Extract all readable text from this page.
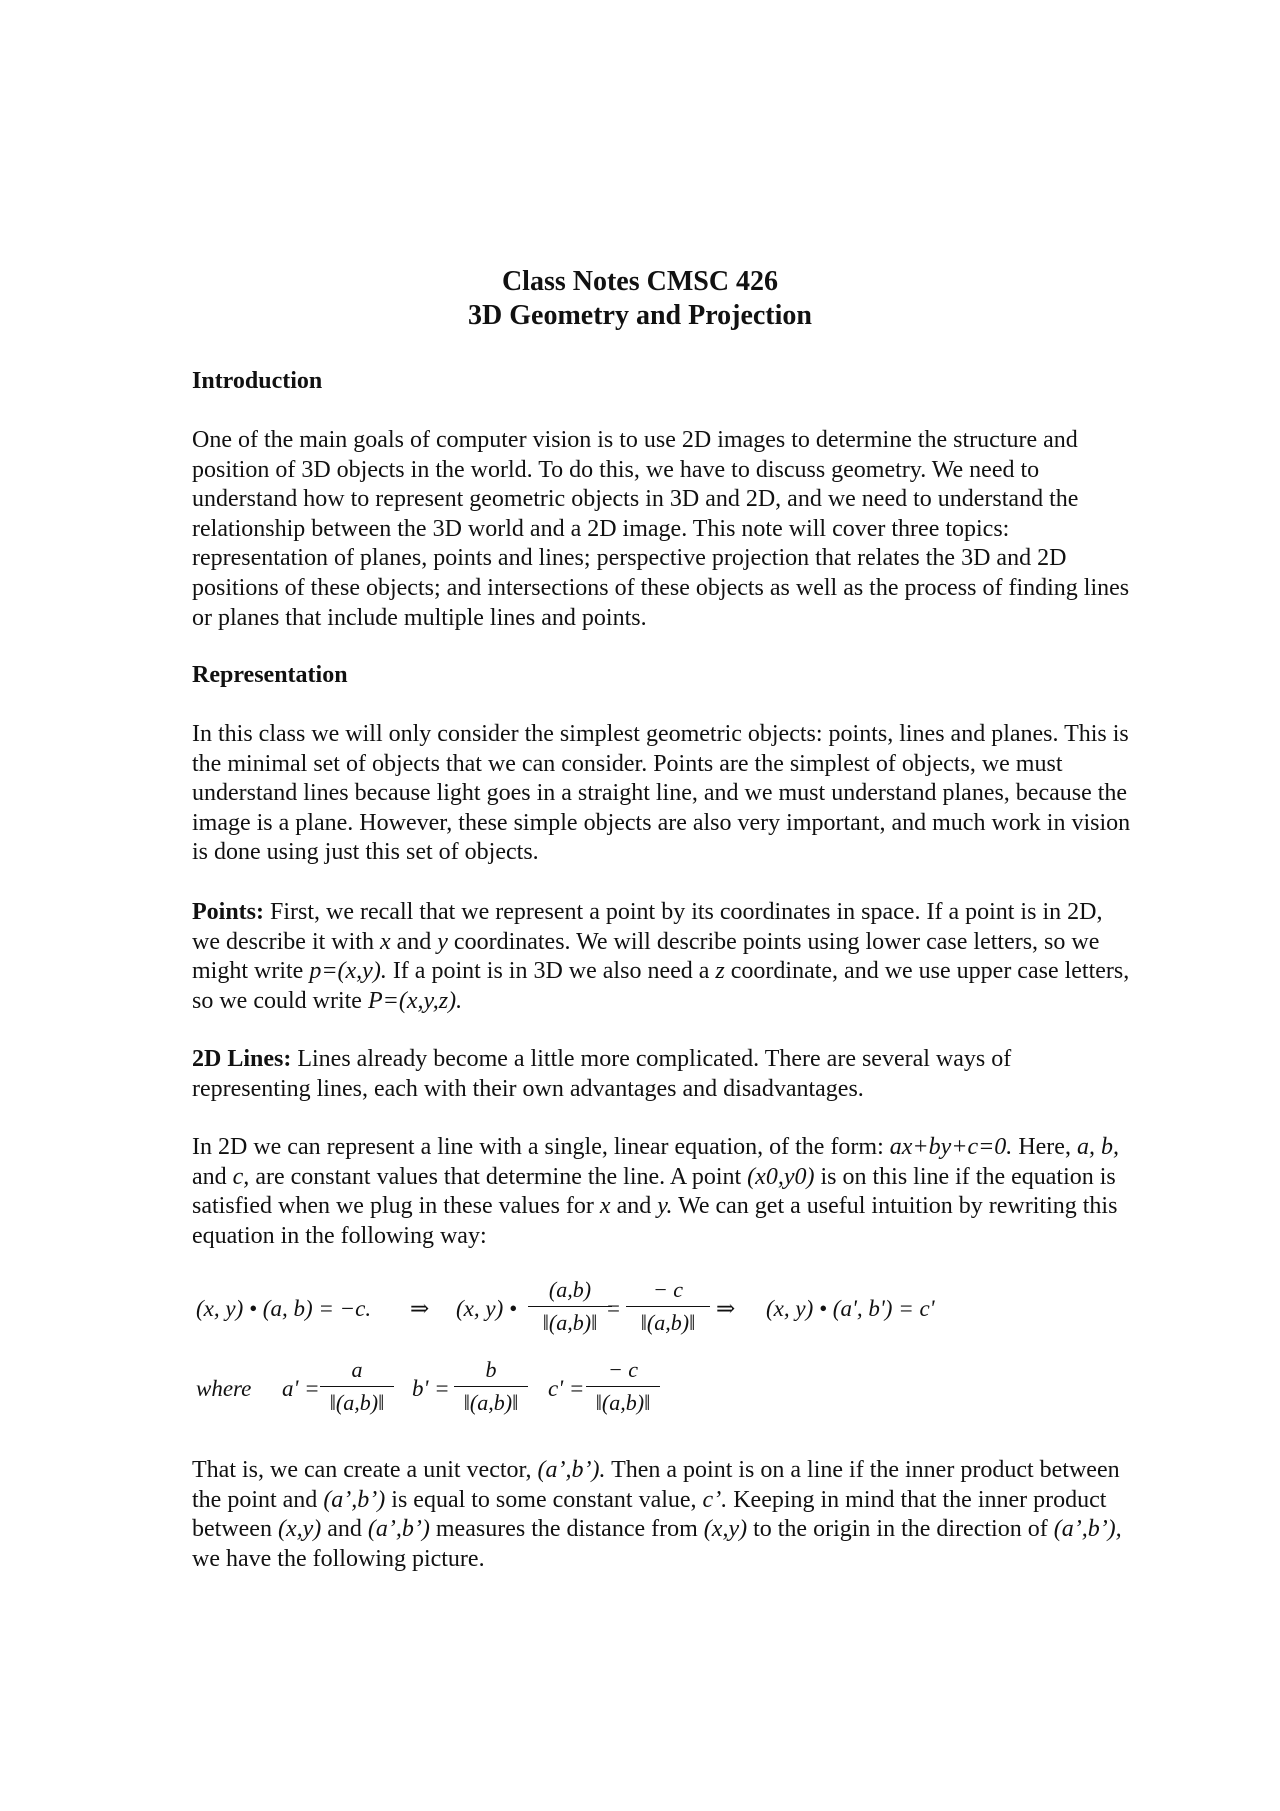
Class Notes CMSC 426
3D Geometry and Projection
Introduction

One of the main goals of computer vision is to use 2D images to determine the structure and position of 3D objects in the world. To do this, we have to discuss geometry. We need to understand how to represent geometric objects in 3D and 2D, and we need to understand the relationship between the 3D world and a 2D image. This note will cover three topics: representation of planes, points and lines; perspective projection that relates the 3D and 2D positions of these objects; and intersections of these objects as well as the process of finding lines or planes that include multiple lines and points.

Representation

In this class we will only consider the simplest geometric objects: points, lines and planes. This is the minimal set of objects that we can consider. Points are the simplest of objects, we must understand lines because light goes in a straight line, and we must understand planes, because the image is a plane. However, these simple objects are also very important, and much work in vision is done using just this set of objects.

Points: First, we recall that we represent a point by its coordinates in space. If a point is in 2D, we describe it with x and y coordinates. We will describe points using lower case letters, so we might write p=(x,y). If a point is in 3D we also need a z coordinate, and we use upper case letters, so we could write P=(x,y,z).

2D Lines: Lines already become a little more complicated. There are several ways of representing lines, each with their own advantages and disadvantages.

In 2D we can represent a line with a single, linear equation, of the form: ax+by+c=0. Here, a, b, and c, are constant values that determine the line. A point (x0,y0) is on this line if the equation is satisfied when we plug in these values for x and y. We can get a useful intuition by rewriting this equation in the following way:

(x, y) • (a, b) = −c. ⇒ (x, y) •
(a,b)
‖(a,b)‖
=
− c
‖(a,b)‖
⇒ (x, y) • (a', b') = c'
where a' =
a
‖(a,b)‖
b' =
b
‖(a,b)‖
c' =
− c
‖(a,b)‖

That is, we can create a unit vector, (a’,b’). Then a point is on a line if the inner product between the point and (a’,b’) is equal to some constant value, c’. Keeping in mind that the inner product between (x,y) and (a’,b’) measures the distance from (x,y) to the origin in the direction of (a’,b’), we have the following picture.
